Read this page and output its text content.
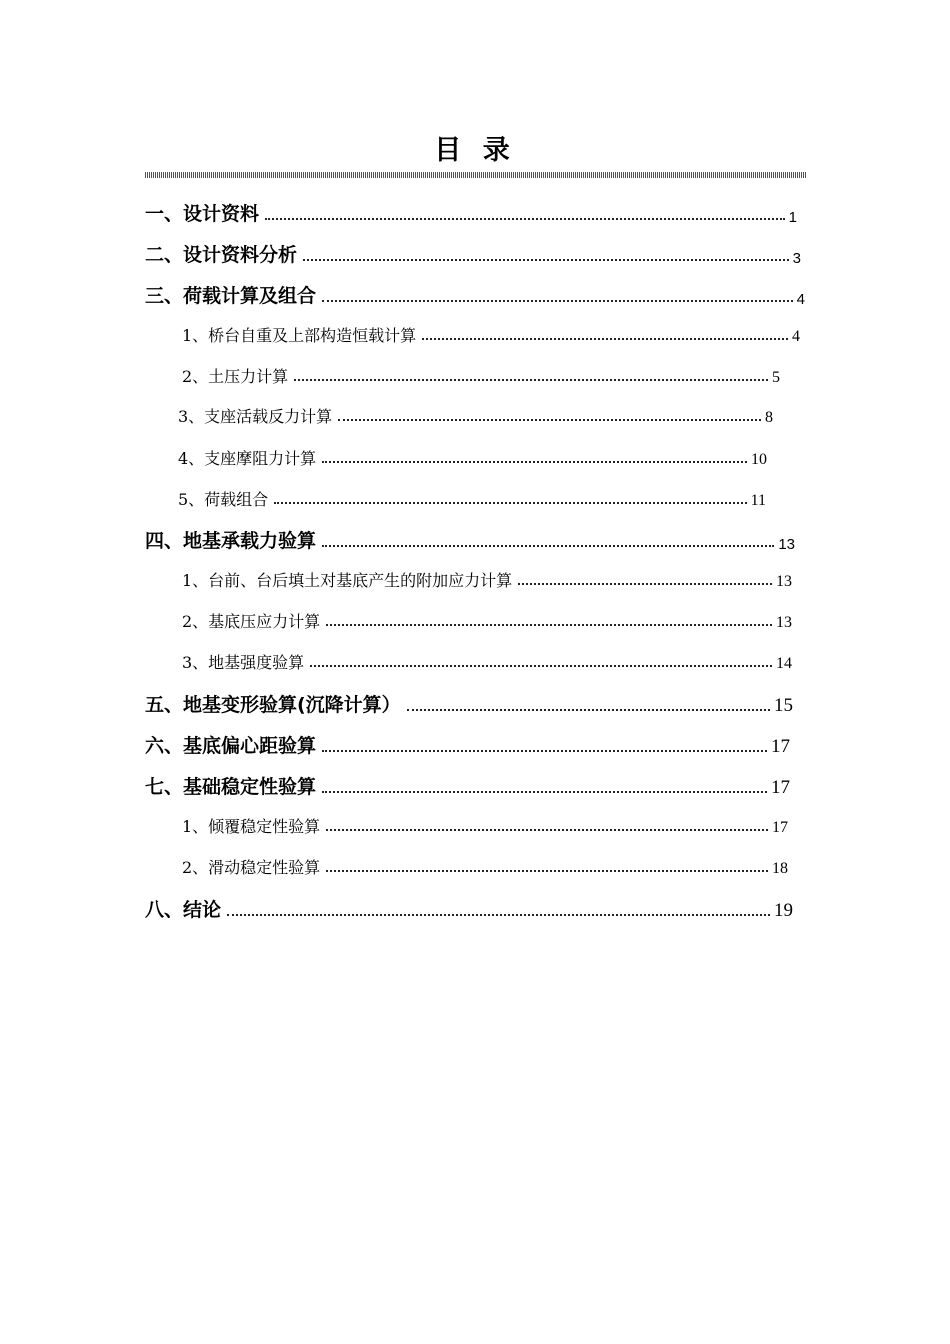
目 录
一、设计资料	1
二、设计资料分析	3
三、荷载计算及组合	4
1、桥台自重及上部构造恒载计算	4
2、土压力计算	5
3、支座活载反力计算	8
4、支座摩阻力计算	10
5、荷载组合	11
四、地基承载力验算	13
1、台前、台后填土对基底产生的附加应力计算	13
2、基底压应力计算	13
3、地基强度验算	14
五、地基变形验算(沉降计算）	15
六、基底偏心距验算	17
七、基础稳定性验算	17
1、倾覆稳定性验算	17
2、滑动稳定性验算	18
八、结论	19
